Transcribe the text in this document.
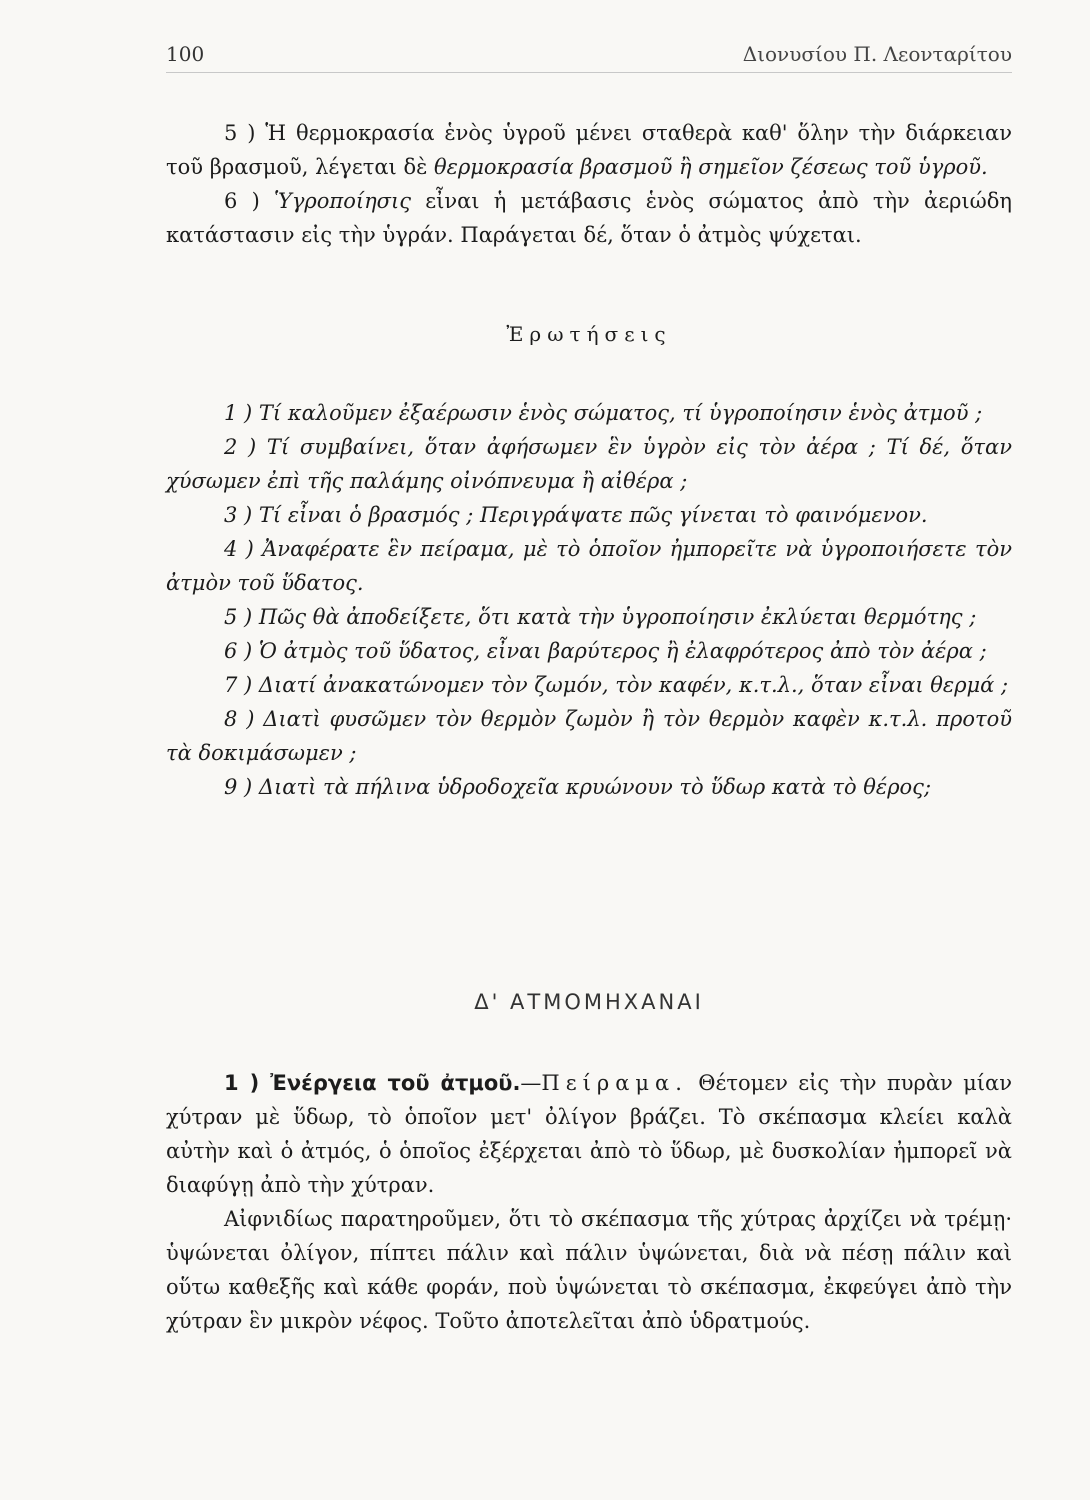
100	Διονυσίου Π. Λεονταρίτου

5 ) Ἡ θερμοκρασία ἑνὸς ὑγροῦ μένει σταθερὰ καθ' ὅλην τὴν διάρκειαν τοῦ βρασμοῦ, λέγεται δὲ θερμοκρασία βρασμοῦ ἢ σημεῖον ζέσεως τοῦ ὑγροῦ.

6 ) Ὑγροποίησις εἶναι ἡ μετάβασις ἑνὸς σώματος ἀπὸ τὴν ἀεριώδη κατάστασιν εἰς τὴν ὑγράν. Παράγεται δέ, ὅταν ὁ ἀτμὸς ψύχεται.

Ἐρωτήσεις

1 ) Τί καλοῦμεν ἐξαέρωσιν ἑνὸς σώματος, τί ὑγροποίησιν ἑνὸς ἀτμοῦ ;

2 ) Τί συμβαίνει, ὅταν ἀφήσωμεν ἓν ὑγρὸν εἰς τὸν ἀέρα ; Τί δέ, ὅταν χύσωμεν ἐπὶ τῆς παλάμης οἰνόπνευμα ἢ αἰθέρα ;

3 ) Τί εἶναι ὁ βρασμός ; Περιγράψατε πῶς γίνεται τὸ φαινόμενον.

4 ) Ἀναφέρατε ἓν πείραμα, μὲ τὸ ὁποῖον ἠμπορεῖτε νὰ ὑγροποιήσετε τὸν ἀτμὸν τοῦ ὕδατος.

5 ) Πῶς θὰ ἀποδείξετε, ὅτι κατὰ τὴν ὑγροποίησιν ἐκλύεται θερμότης ;

6 ) Ὁ ἀτμὸς τοῦ ὕδατος, εἶναι βαρύτερος ἢ ἐλαφρότερος ἀπὸ τὸν ἀέρα ;

7 ) Διατί ἀνακατώνομεν τὸν ζωμόν, τὸν καφέν, κ.τ.λ., ὅταν εἶναι θερμά ;

8 ) Διατὶ φυσῶμεν τὸν θερμὸν ζωμὸν ἢ τὸν θερμὸν καφὲν κ.τ.λ. προτοῦ τὰ δοκιμάσωμεν ;

9 ) Διατὶ τὰ πήλινα ὑδροδοχεῖα κρυώνουν τὸ ὕδωρ κατὰ τὸ θέρος;

Δ' ΑΤΜΟΜΗΧΑΝΑΙ

1 ) Ἐνέργεια τοῦ ἀτμοῦ.—Πείραμα. Θέτομεν εἰς τὴν πυρὰν μίαν χύτραν μὲ ὕδωρ, τὸ ὁποῖον μετ' ὀλίγον βράζει. Τὸ σκέπασμα κλείει καλὰ αὐτὴν καὶ ὁ ἀτμός, ὁ ὁποῖος ἐξέρχεται ἀπὸ τὸ ὕδωρ, μὲ δυσκολίαν ἠμπορεῖ νὰ διαφύγῃ ἀπὸ τὴν χύτραν.

Αἰφνιδίως παρατηροῦμεν, ὅτι τὸ σκέπασμα τῆς χύτρας ἀρχίζει νὰ τρέμῃ· ὑψώνεται ὀλίγον, πίπτει πάλιν καὶ πάλιν ὑψώνεται, διὰ νὰ πέσῃ πάλιν καὶ οὕτω καθεξῆς καὶ κάθε φοράν, ποὺ ὑψώνεται τὸ σκέπασμα, ἐκφεύγει ἀπὸ τὴν χύτραν ἓν μικρὸν νέφος. Τοῦτο ἀποτελεῖται ἀπὸ ὑδρατμούς.
